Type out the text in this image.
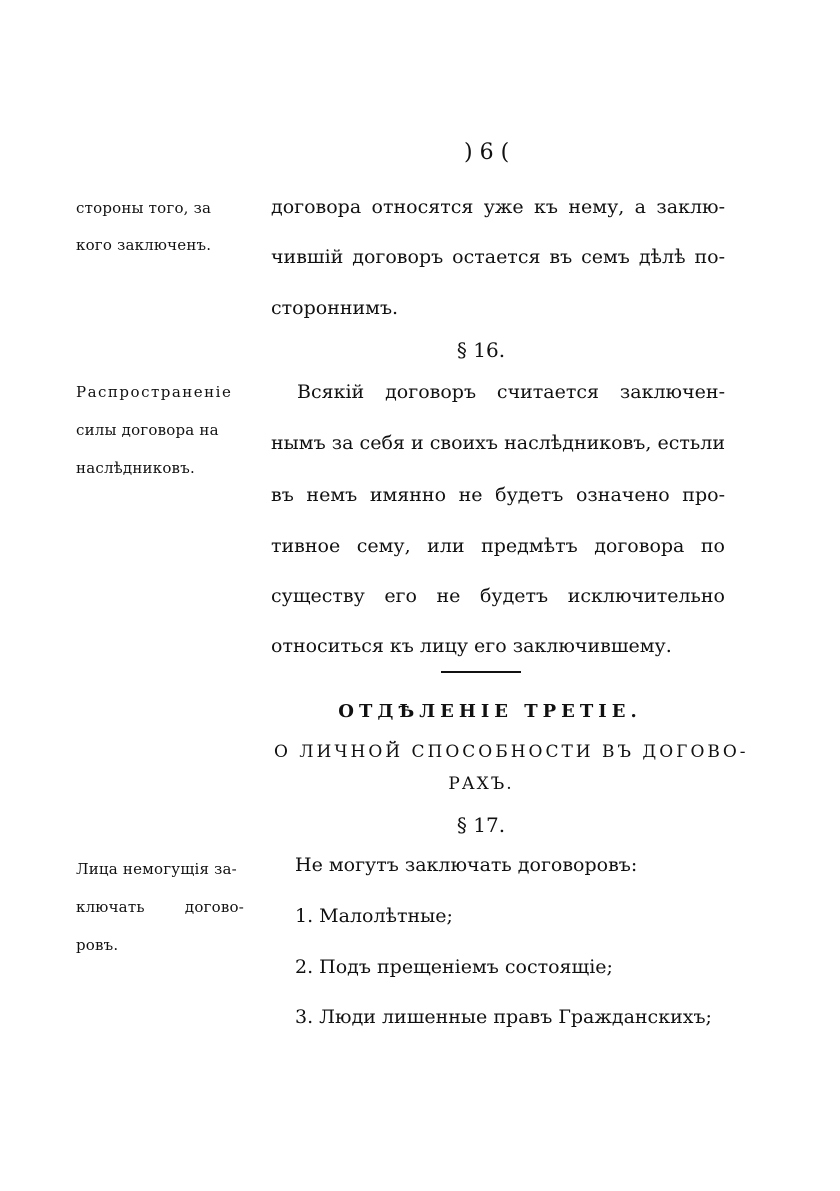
) 6 (
стороны того, за
кого заключенъ.
договора относятся уже къ нему, а заклю-
чившій договоръ остается въ семъ дѣлѣ по-
стороннимъ.
§ 16.
Распространеніе
силы договора на
наслѣдниковъ.
Всякій договоръ считается заключен-
нымъ за себя и своихъ наслѣдниковъ, естьли
въ немъ имянно не будетъ означено про-
тивное сему, или предмѣтъ договора по
существу его не будетъ исключительно
относиться къ лицу его заключившему.
ОТДѢЛЕНІЕ ТРЕТІЕ.
О ЛИЧНОЙ СПОСОБНОСТИ ВЪ ДОГОВО-
РАХЪ.
§ 17.
Лица немогущія за-
ключать догово-
ровъ.
Не могутъ заключать договоровъ:
1. Малолѣтные;
2. Подъ прещеніемъ состоящіе;
3. Люди лишенные правъ Гражданскихъ;
